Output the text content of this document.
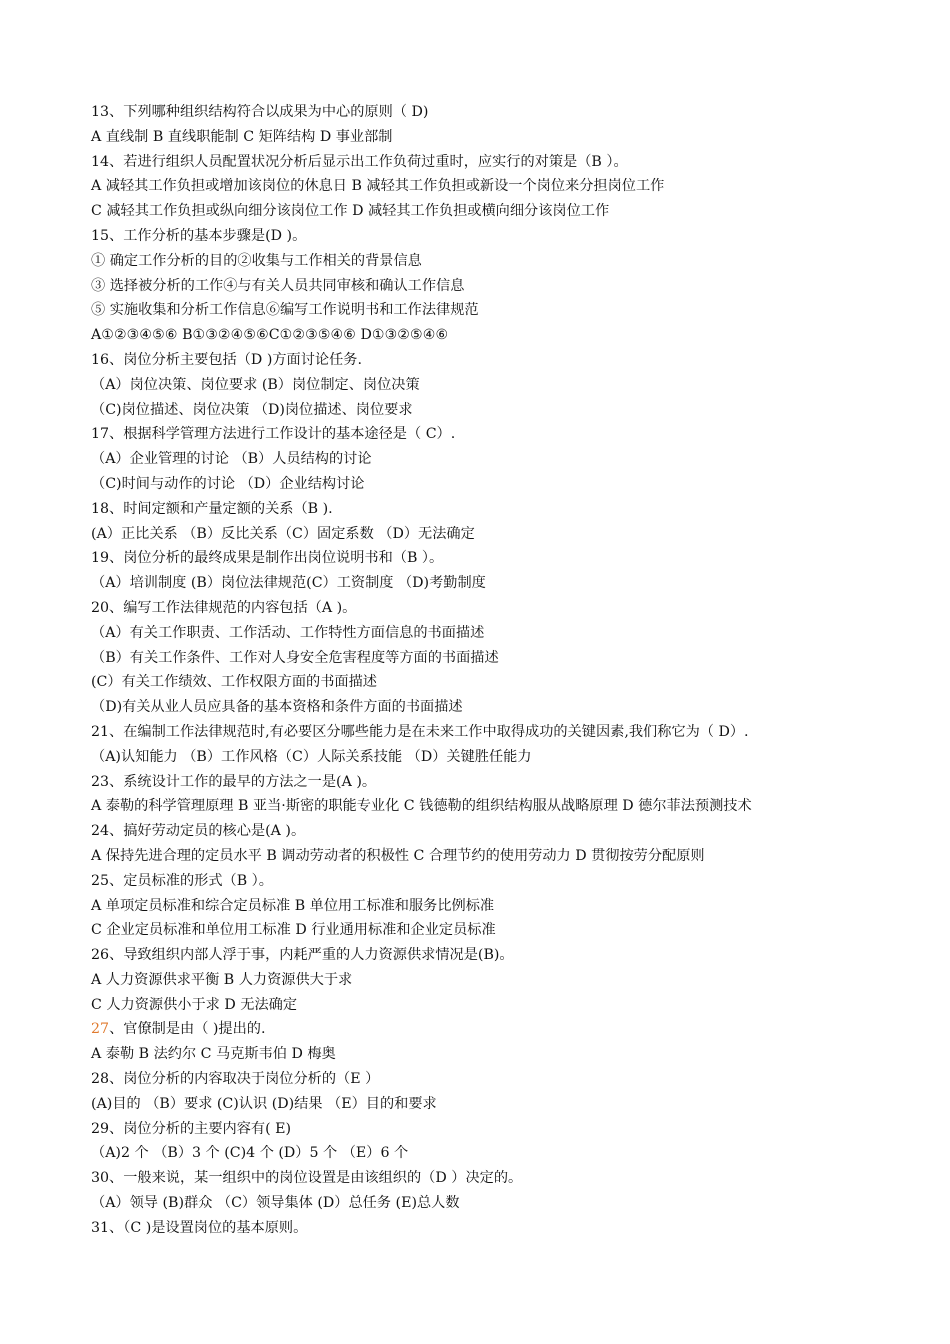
13、下列哪种组织结构符合以成果为中心的原则（ D)
A 直线制 B 直线职能制 C 矩阵结构 D 事业部制
14、若进行组织人员配置状况分析后显示出工作负荷过重时，应实行的对策是（B ）。
A 减轻其工作负担或增加该岗位的休息日 B 减轻其工作负担或新设一个岗位来分担岗位工作
C 减轻其工作负担或纵向细分该岗位工作 D 减轻其工作负担或横向细分该岗位工作
15、工作分析的基本步骤是(D )。
① 确定工作分析的目的②收集与工作相关的背景信息
③ 选择被分析的工作④与有关人员共同审核和确认工作信息
⑤ 实施收集和分析工作信息⑥编写工作说明书和工作法律规范
A①②③④⑤⑥ B①③②④⑤⑥C①②③⑤④⑥ D①③②⑤④⑥
16、岗位分析主要包括（D )方面讨论任务.
（A）岗位决策、岗位要求 (B）岗位制定、岗位决策
（C)岗位描述、岗位决策 （D)岗位描述、岗位要求
17、根据科学管理方法进行工作设计的基本途径是（ C）.
（A）企业管理的讨论 （B）人员结构的讨论
（C)时间与动作的讨论 （D）企业结构讨论
18、时间定额和产量定额的关系（B ).
(A）正比关系 （B）反比关系（C）固定系数 （D）无法确定
19、岗位分析的最终成果是制作出岗位说明书和（B ）。
（A）培训制度 (B）岗位法律规范(C）工资制度 （D)考勤制度
20、编写工作法律规范的内容包括（A )。
（A）有关工作职责、工作活动、工作特性方面信息的书面描述
（B）有关工作条件、工作对人身安全危害程度等方面的书面描述
(C）有关工作绩效、工作权限方面的书面描述
（D)有关从业人员应具备的基本资格和条件方面的书面描述
21、在编制工作法律规范时,有必要区分哪些能力是在未来工作中取得成功的关键因素,我们称它为（ D）.
（A)认知能力 （B）工作风格（C）人际关系技能 （D）关键胜任能力
23、系统设计工作的最早的方法之一是(A )。
A 泰勒的科学管理原理 B 亚当·斯密的职能专业化 C 钱德勒的组织结构服从战略原理 D 德尔菲法预测技术
24、搞好劳动定员的核心是(A )。
A 保持先进合理的定员水平 B 调动劳动者的积极性 C 合理节约的使用劳动力 D 贯彻按劳分配原则
25、定员标准的形式（B ）。
A 单项定员标准和综合定员标准 B 单位用工标准和服务比例标准
C 企业定员标准和单位用工标准 D 行业通用标准和企业定员标准
26、导致组织内部人浮于事，内耗严重的人力资源供求情况是(B)。
A 人力资源供求平衡 B 人力资源供大于求
C 人力资源供小于求 D 无法确定
27、官僚制是由（ )提出的.
A 泰勒 B 法约尔 C 马克斯韦伯 D 梅奥
28、岗位分析的内容取决于岗位分析的（E ）
(A)目的 （B）要求 (C)认识 (D)结果 （E）目的和要求
29、岗位分析的主要内容有( E)
（A)2 个 （B）3 个 (C)4 个 (D）5 个 （E）6 个
30、一般来说，某一组织中的岗位设置是由该组织的（D ）决定的。
（A）领导 (B)群众 （C）领导集体 (D）总任务 (E)总人数
31、（C )是设置岗位的基本原则。
